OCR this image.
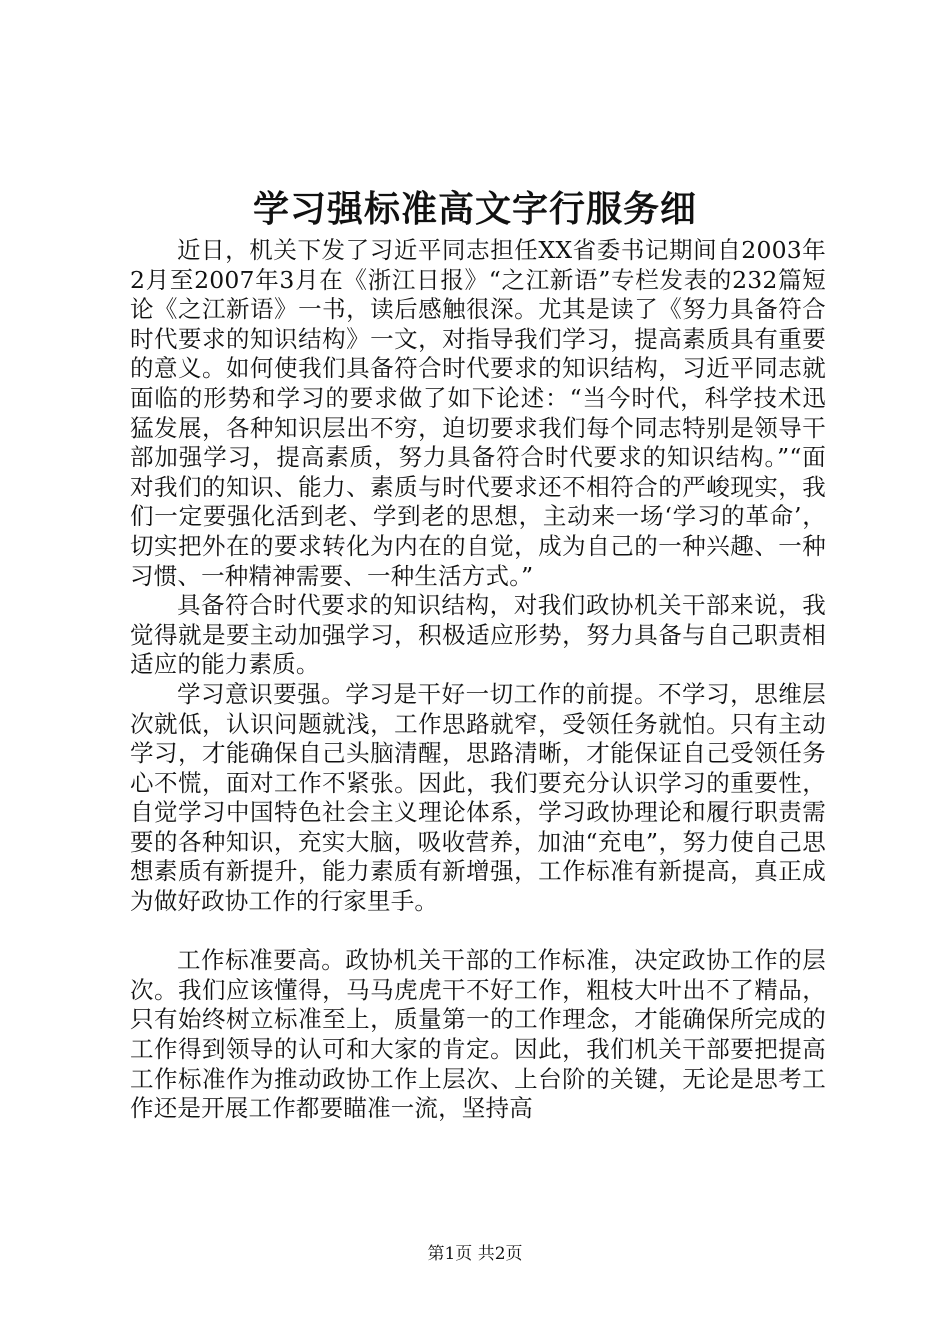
学习强标准高文字行服务细

近日，机关下发了习近平同志担任XX省委书记期间自2003年2月至2007年3月在《浙江日报》“之江新语”专栏发表的232篇短论《之江新语》一书，读后感触很深。尤其是读了《努力具备符合时代要求的知识结构》一文，对指导我们学习，提高素质具有重要的意义。如何使我们具备符合时代要求的知识结构，习近平同志就面临的形势和学习的要求做了如下论述：“当今时代，科学技术迅猛发展，各种知识层出不穷，迫切要求我们每个同志特别是领导干部加强学习，提高素质，努力具备符合时代要求的知识结构。”“面对我们的知识、能力、素质与时代要求还不相符合的严峻现实，我们一定要强化活到老、学到老的思想，主动来一场‘学习的革命’，切实把外在的要求转化为内在的自觉，成为自己的一种兴趣、一种习惯、一种精神需要、一种生活方式。”

具备符合时代要求的知识结构，对我们政协机关干部来说，我觉得就是要主动加强学习，积极适应形势，努力具备与自己职责相适应的能力素质。

学习意识要强。学习是干好一切工作的前提。不学习，思维层次就低，认识问题就浅，工作思路就窄，受领任务就怕。只有主动学习，才能确保自己头脑清醒，思路清晰，才能保证自己受领任务心不慌，面对工作不紧张。因此，我们要充分认识学习的重要性，自觉学习中国特色社会主义理论体系，学习政协理论和履行职责需要的各种知识，充实大脑，吸收营养，加油“充电”，努力使自己思想素质有新提升，能力素质有新增强，工作标准有新提高，真正成为做好政协工作的行家里手。

工作标准要高。政协机关干部的工作标准，决定政协工作的层次。我们应该懂得，马马虎虎干不好工作，粗枝大叶出不了精品，只有始终树立标准至上，质量第一的工作理念，才能确保所完成的工作得到领导的认可和大家的肯定。因此，我们机关干部要把提高工作标准作为推动政协工作上层次、上台阶的关键，无论是思考工作还是开展工作都要瞄准一流，坚持高

第1页 共2页
